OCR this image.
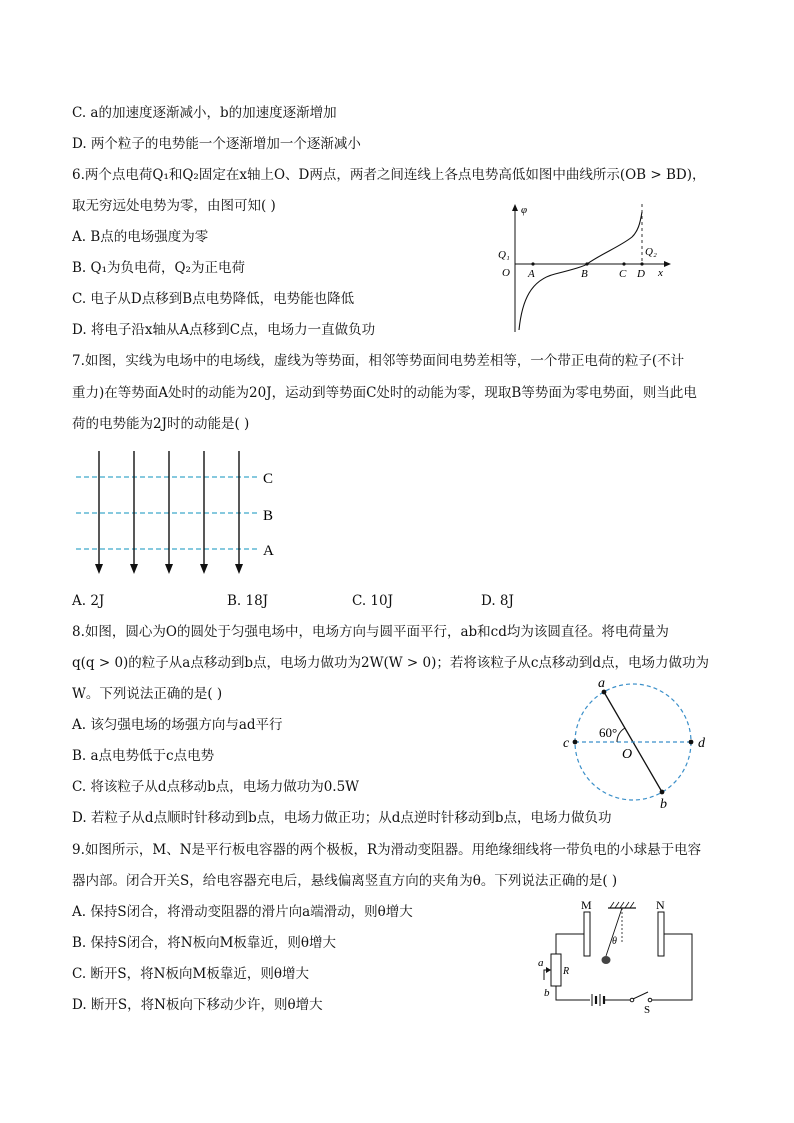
C. a的加速度逐渐减小，b的加速度逐渐增加
D. 两个粒子的电势能一个逐渐增加一个逐渐减小
6.两个点电荷Q₁和Q₂固定在x轴上O、D两点，两者之间连线上各点电势高低如图中曲线所示(OB > BD)，
取无穷远处电势为零，由图可知( )
A. B点的电场强度为零
B. Q₁为负电荷，Q₂为正电荷
C. 电子从D点移到B点电势降低，电势能也降低
D. 将电子沿x轴从A点移到C点，电场力一直做负功
φ
x
Q₁
O A	B	C D
Q₂
7.如图，实线为电场中的电场线，虚线为等势面，相邻等势面间电势差相等，一个带正电荷的粒子(不计
重力)在等势面A处时的动能为20J，运动到等势面C处时的动能为零，现取B等势面为零电势面，则当此电
荷的电势能为2J时的动能是( )
C
B
A
A. 2J	B. 18J	C. 10J	D. 8J
8.如图，圆心为O的圆处于匀强电场中，电场方向与圆平面平行，ab和cd均为该圆直径。将电荷量为
q(q > 0)的粒子从a点移动到b点，电场力做功为2W(W > 0)；若将该粒子从c点移动到d点，电场力做功为
W。下列说法正确的是( )
A. 该匀强电场的场强方向与ad平行
B. a点电势低于c点电势
C. 将该粒子从d点移动b点，电场力做功为0.5W
D. 若粒子从d点顺时针移动到b点，电场力做正功；从d点逆时针移动到b点，电场力做负功
a
b
c	d
O
60°
9.如图所示，M、N是平行板电容器的两个极板，R为滑动变阻器。用绝缘细线将一带负电的小球悬于电容
器内部。闭合开关S，给电容器充电后，悬线偏离竖直方向的夹角为θ。下列说法正确的是( )
A. 保持S闭合，将滑动变阻器的滑片向a端滑动，则θ增大
B. 保持S闭合，将N板向M板靠近，则θ增大
C. 断开S，将N板向M板靠近，则θ增大
D. 断开S，将N板向下移动少许，则θ增大
M	N
θ
a
b
R
S
